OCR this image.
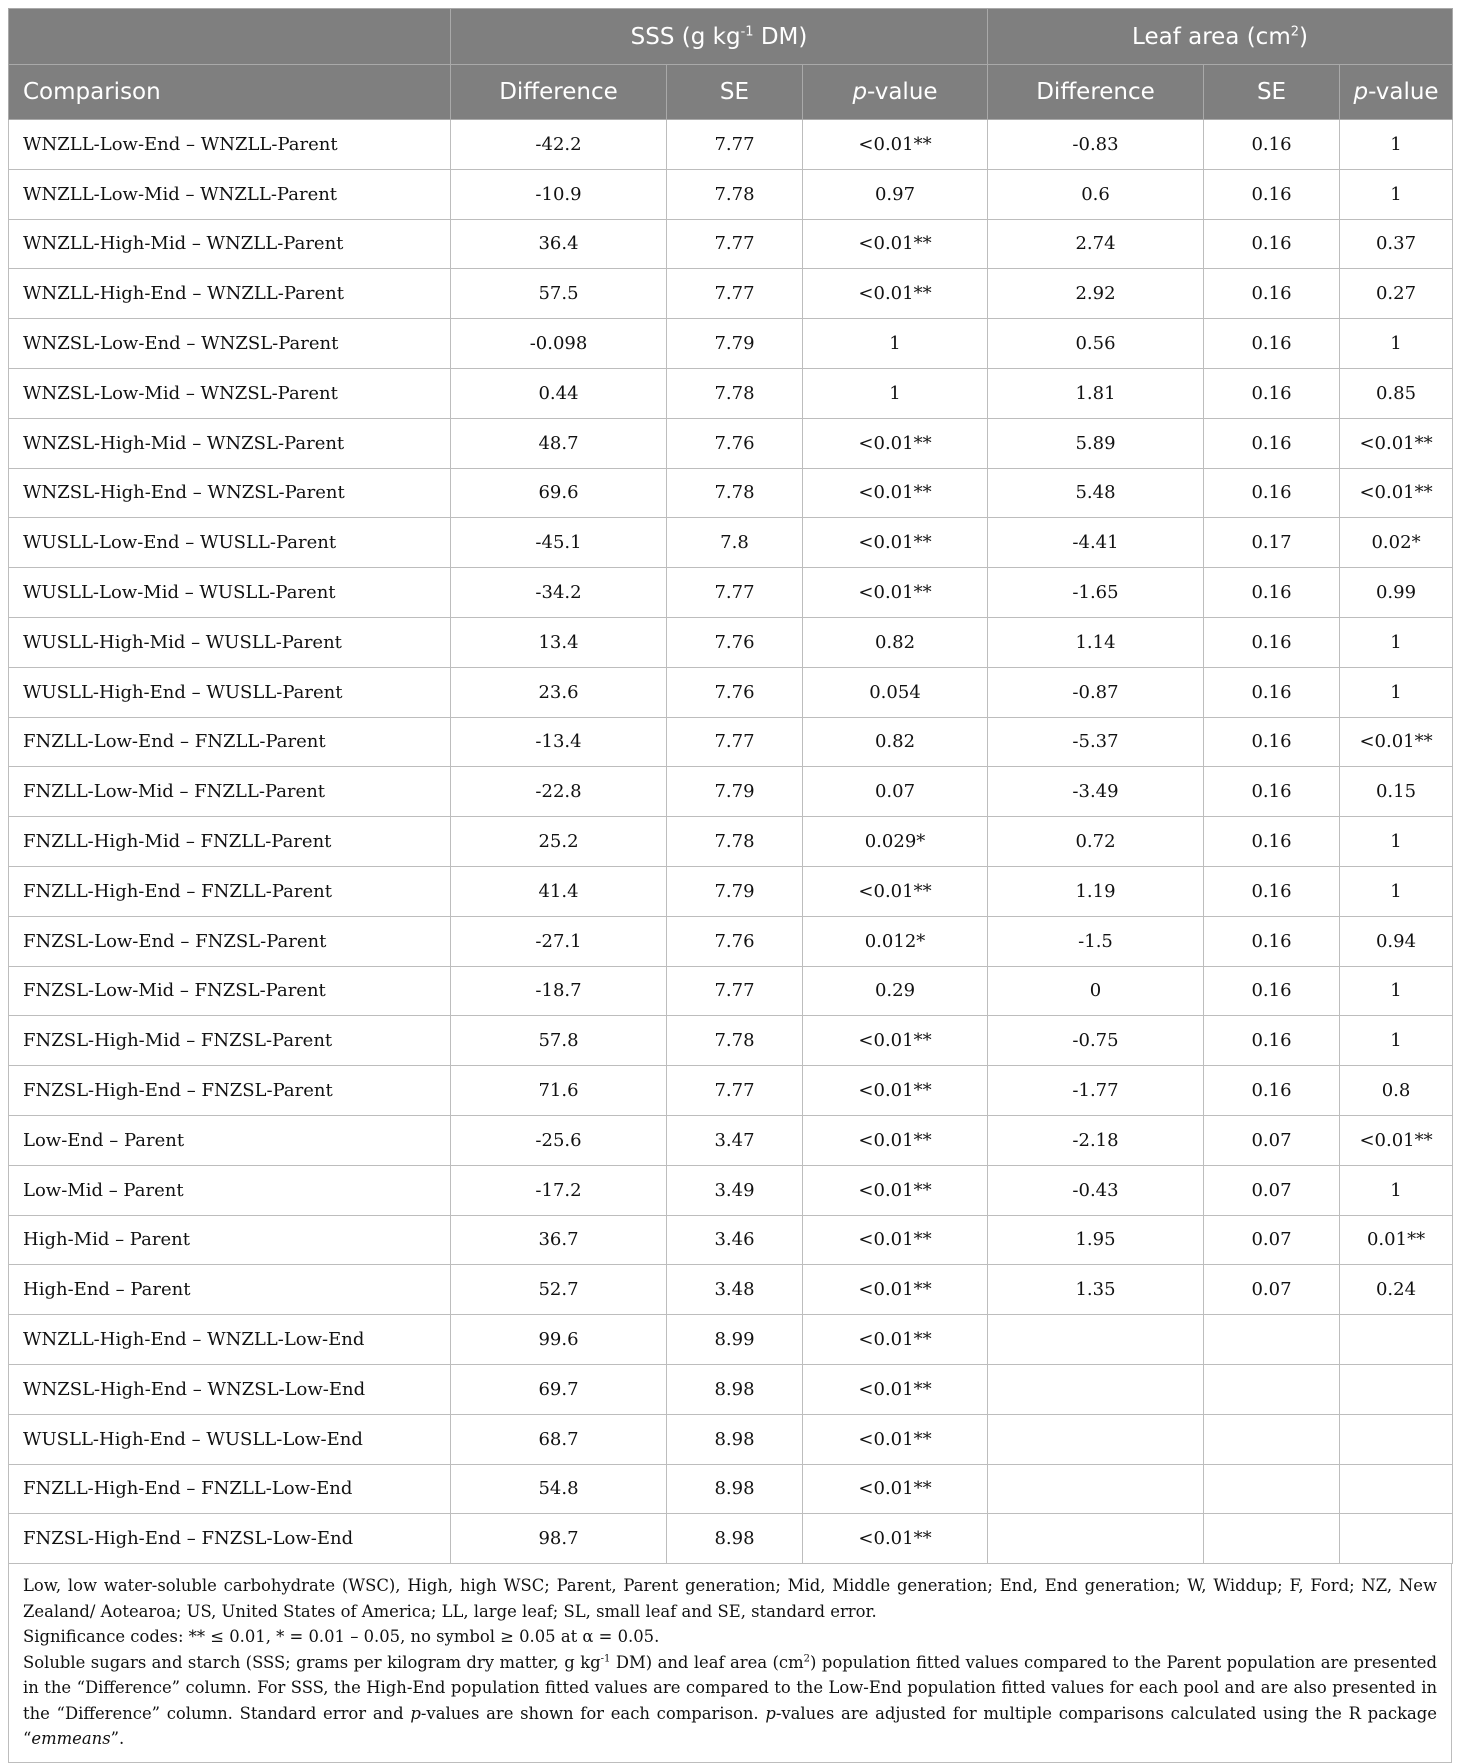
	SSS (g $kg^{-1}$ DM)			Leaf area $(cm^2)$		
Comparison	Difference	SE	p-value	Difference	SE	p-value
WNZLL-Low-End – WNZLL-Parent	-42.2	7.77	<0.01**	-0.83	0.16	1
WNZLL-Low-Mid – WNZLL-Parent	-10.9	7.78	0.97	0.6	0.16	1
WNZLL-High-Mid – WNZLL-Parent	36.4	7.77	<0.01**	2.74	0.16	0.37
WNZLL-High-End – WNZLL-Parent	57.5	7.77	<0.01**	2.92	0.16	0.27
WNZSL-Low-End – WNZSL-Parent	-0.098	7.79	1	0.56	0.16	1
WNZSL-Low-Mid – WNZSL-Parent	0.44	7.78	1	1.81	0.16	0.85
WNZSL-High-Mid – WNZSL-Parent	48.7	7.76	<0.01**	5.89	0.16	<0.01**
WNZSL-High-End – WNZSL-Parent	69.6	7.78	<0.01**	5.48	0.16	<0.01**
WUSLL-Low-End – WUSLL-Parent	-45.1	7.8	<0.01**	-4.41	0.17	0.02*
WUSLL-Low-Mid – WUSLL-Parent	-34.2	7.77	<0.01**	-1.65	0.16	0.99
WUSLL-High-Mid – WUSLL-Parent	13.4	7.76	0.82	1.14	0.16	1
WUSLL-High-End – WUSLL-Parent	23.6	7.76	0.054	-0.87	0.16	1
FNZLL-Low-End – FNZLL-Parent	-13.4	7.77	0.82	-5.37	0.16	<0.01**
FNZLL-Low-Mid – FNZLL-Parent	-22.8	7.79	0.07	-3.49	0.16	0.15
FNZLL-High-Mid – FNZLL-Parent	25.2	7.78	0.029*	0.72	0.16	1
FNZLL-High-End – FNZLL-Parent	41.4	7.79	<0.01**	1.19	0.16	1
FNZSL-Low-End – FNZSL-Parent	-27.1	7.76	0.012*	-1.5	0.16	0.94
FNZSL-Low-Mid – FNZSL-Parent	-18.7	7.77	0.29	0	0.16	1
FNZSL-High-Mid – FNZSL-Parent	57.8	7.78	<0.01**	-0.75	0.16	1
FNZSL-High-End – FNZSL-Parent	71.6	7.77	<0.01**	-1.77	0.16	0.8
Low-End – Parent	-25.6	3.47	<0.01**	-2.18	0.07	<0.01**
Low-Mid – Parent	-17.2	3.49	<0.01**	-0.43	0.07	1
High-Mid – Parent	36.7	3.46	<0.01**	1.95	0.07	0.01**
High-End – Parent	52.7	3.48	<0.01**	1.35	0.07	0.24
WNZLL-High-End – WNZLL-Low-End	99.6	8.99	<0.01**			
WNZSL-High-End – WNZSL-Low-End	69.7	8.98	<0.01**			
WUSLL-High-End – WUSLL-Low-End	68.7	8.98	<0.01**			
FNZLL-High-End – FNZLL-Low-End	54.8	8.98	<0.01**			
FNZSL-High-End – FNZSL-Low-End	98.7	8.98	<0.01**			

Low, low water-soluble carbohydrate (WSC), High, high WSC; Parent, Parent generation; Mid, Middle generation; End, End generation; W, Widdup; F, Ford; NZ, New Zealand/ Aotearoa; US, United States of America; LL, large leaf; SL, small leaf and SE, standard error.

Significance codes: ** ≤ 0.01, * = 0.01 – 0.05, no symbol ≥ 0.05 at α = 0.05.

Soluble sugars and starch (SSS; grams per kilogram dry matter, g $kg^{-1}$ DM) and leaf area $(cm^2)$ population fitted values compared to the Parent population are presented in the “Difference” column. For SSS, the High-End population fitted values are compared to the Low-End population fitted values for each pool and are also presented in the “Difference” column. Standard error and p-values are shown for each comparison. p-values are adjusted for multiple comparisons calculated using the R package “emmeans”.
